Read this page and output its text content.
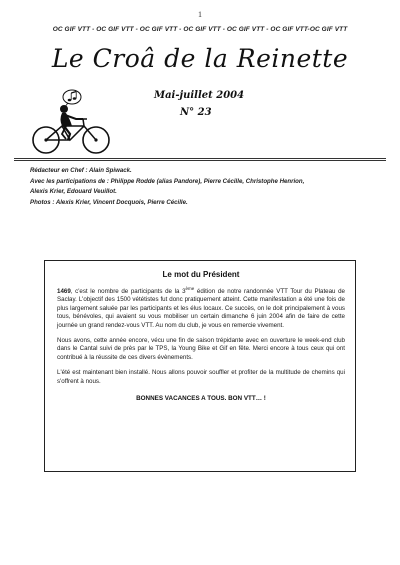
1
OC GIF VTT - OC GIF VTT - OC GIF VTT - OC GIF VTT - OC GIF VTT - OC GIF VTT-OC GIF VTT
Le Croâ de la Reinette
Mai-juillet 2004
N° 23
Rédacteur en Chef : Alain Spiwack.
Avec les participations de : Philippe Rodde (alias Pandore), Pierre Cécille, Christophe Henrion,
Alexis Krier, Edouard Veuillot.
Photos : Alexis Krier, Vincent Docquois, Pierre Cécille.
Le mot du Président

1469, c'est le nombre de participants de la 3ème édition de notre randonnée VTT Tour du Plateau de Saclay. L'objectif des 1500 vététistes fut donc pratiquement atteint. Cette manifestation a été une fois de plus largement saluée par les participants et les élus locaux. Ce succès, on le doit principalement à vous tous, bénévoles, qui avaient su vous mobiliser un certain dimanche 6 juin 2004 afin de faire de cette journée un grand rendez-vous VTT. Au nom du club, je vous en remercie vivement.

Nous avons, cette année encore, vécu une fin de saison trépidante avec en ouverture le week-end club dans le Cantal suivi de près par le TPS, la Young Bike et Gif en fête. Merci encore à tous ceux qui ont contribué à la réussite de ces divers évènements.

L'été est maintenant bien installé. Nous allons pouvoir souffler et profiter de la multitude de chemins qui s'offrent à nous.

BONNES VACANCES A TOUS. BON VTT… !
